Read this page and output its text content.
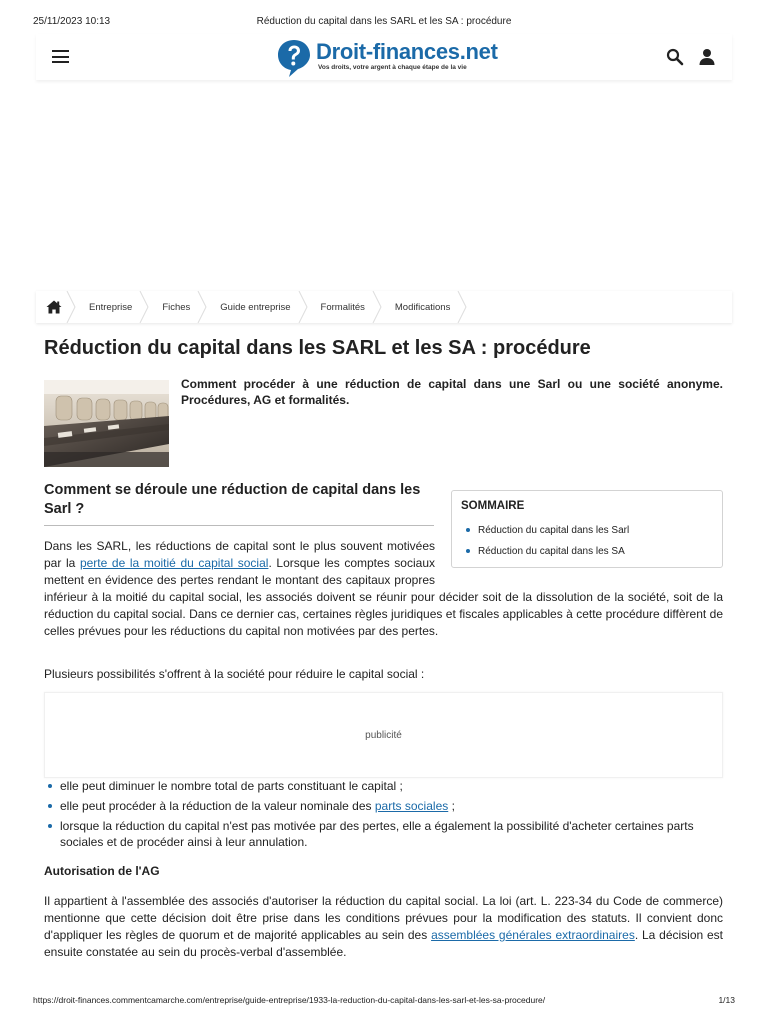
25/11/2023 10:13	Réduction du capital dans les SARL et les SA : procédure
Droit-finances.net
Vos droits, votre argent à chaque étape de la vie
Entreprise	Fiches	Guide entreprise	Formalités	Modifications
Réduction du capital dans les SARL et les SA : procédure

Comment procéder à une réduction de capital dans une Sarl ou une société anonyme. Procédures, AG et formalités.

Comment se déroule une réduction de capital dans les Sarl ?	SOMMAIRE
Réduction du capital dans les Sarl
Réduction du capital dans les SA

Dans les SARL, les réductions de capital sont le plus souvent motivées par la perte de la moitié du capital social. Lorsque les comptes sociaux mettent en évidence des pertes rendant le montant des capitaux propres inférieur à la moitié du capital social, les associés doivent se réunir pour décider soit de la dissolution de la société, soit de la réduction du capital social. Dans ce dernier cas, certaines règles juridiques et fiscales applicables à cette procédure diffèrent de celles prévues pour les réductions du capital non motivées par des pertes.

Plusieurs possibilités s'offrent à la société pour réduire le capital social :

publicité
elle peut diminuer le nombre total de parts constituant le capital ;
elle peut procéder à la réduction de la valeur nominale des parts sociales ;
lorsque la réduction du capital n'est pas motivée par des pertes, elle a également la possibilité d'acheter certaines parts sociales et de procéder ainsi à leur annulation.
Autorisation de l'AG

Il appartient à l'assemblée des associés d'autoriser la réduction du capital social. La loi (art. L. 223-34 du Code de commerce) mentionne que cette décision doit être prise dans les conditions prévues pour la modification des statuts. Il convient donc d'appliquer les règles de quorum et de majorité applicables au sein des assemblées générales extraordinaires. La décision est ensuite constatée au sein du procès-verbal d'assemblée.

https://droit-finances.commentcamarche.com/entreprise/guide-entreprise/1933-la-reduction-du-capital-dans-les-sarl-et-les-sa-procedure/	1/13
